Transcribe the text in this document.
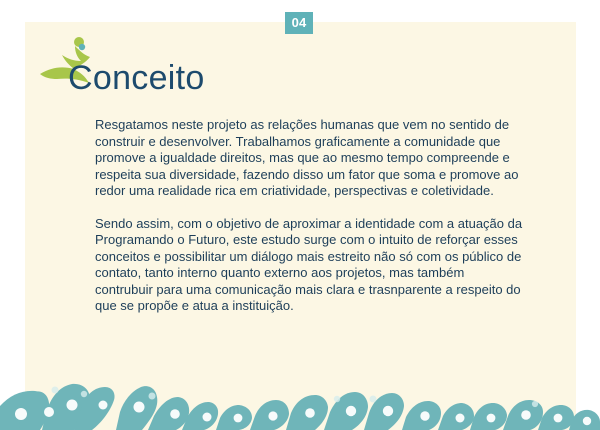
04
Conceito

Resgatamos neste projeto as relações humanas que vem no sentido de construir e desenvolver. Trabalhamos graficamente a comunidade que promove a igualdade direitos, mas que ao mesmo tempo compreende e respeita sua diversidade, fazendo disso um fator que soma e promove ao redor uma realidade rica em criatividade, perspectivas e coletividade.

Sendo assim, com o objetivo de aproximar a identidade com a atuação da Programando o Futuro, este estudo surge com o intuito de reforçar esses conceitos e possibilitar um diálogo mais estreito não só com os público de contato, tanto interno quanto externo aos projetos, mas também contrubuir para uma comunicação mais clara e trasnparente a respeito do que se propõe e atua a instituição.
